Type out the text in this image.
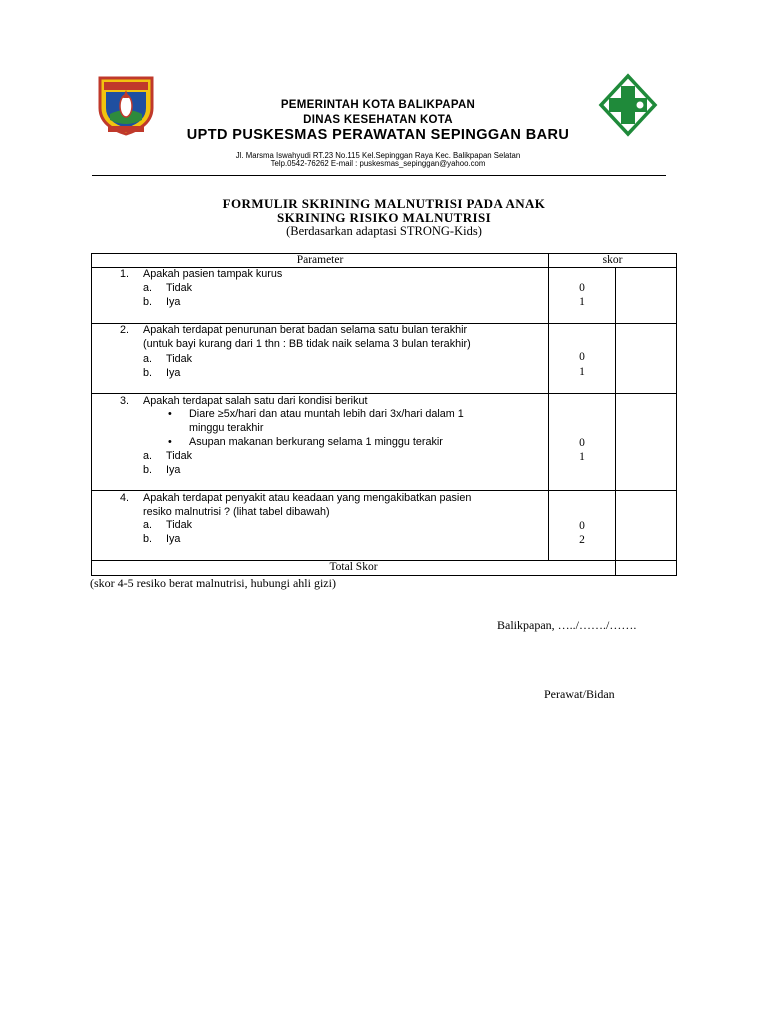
PEMERINTAH KOTA BALIKPAPAN
DINAS KESEHATAN KOTA
UPTD PUSKESMAS PERAWATAN SEPINGGAN BARU
Jl. Marsma Iswahyudi RT.23 No.115 Kel.Sepinggan Raya Kec. Balikpapan Selatan
Telp.0542-76262 E-mail : puskesmas_sepinggan@yahoo.com
FORMULIR SKRINING MALNUTRISI PADA ANAK
SKRINING RISIKO MALNUTRISI
(Berdasarkan adaptasi STRONG-Kids)
Parameter	skor
1. Apakah pasien tampak kurus
a. Tidak
b. Iya
0
1
2. Apakah terdapat penurunan berat badan selama satu bulan terakhir
(untuk bayi kurang dari 1 thn : BB tidak naik selama 3 bulan terakhir)
a. Tidak
b. Iya
0
1
3. Apakah terdapat salah satu dari kondisi berikut
• Diare ≥5x/hari dan atau muntah lebih dari 3x/hari dalam 1
minggu terakhir
• Asupan makanan berkurang selama 1 minggu terakir
a. Tidak
b. Iya
0
1
4. Apakah terdapat penyakit atau keadaan yang mengakibatkan pasien
resiko malnutrisi ? (lihat tabel dibawah)
a. Tidak
b. Iya
0
2
Total Skor
(skor 4-5 resiko berat malnutrisi, hubungi ahli gizi)
Balikpapan, …../……./…….
Perawat/Bidan
